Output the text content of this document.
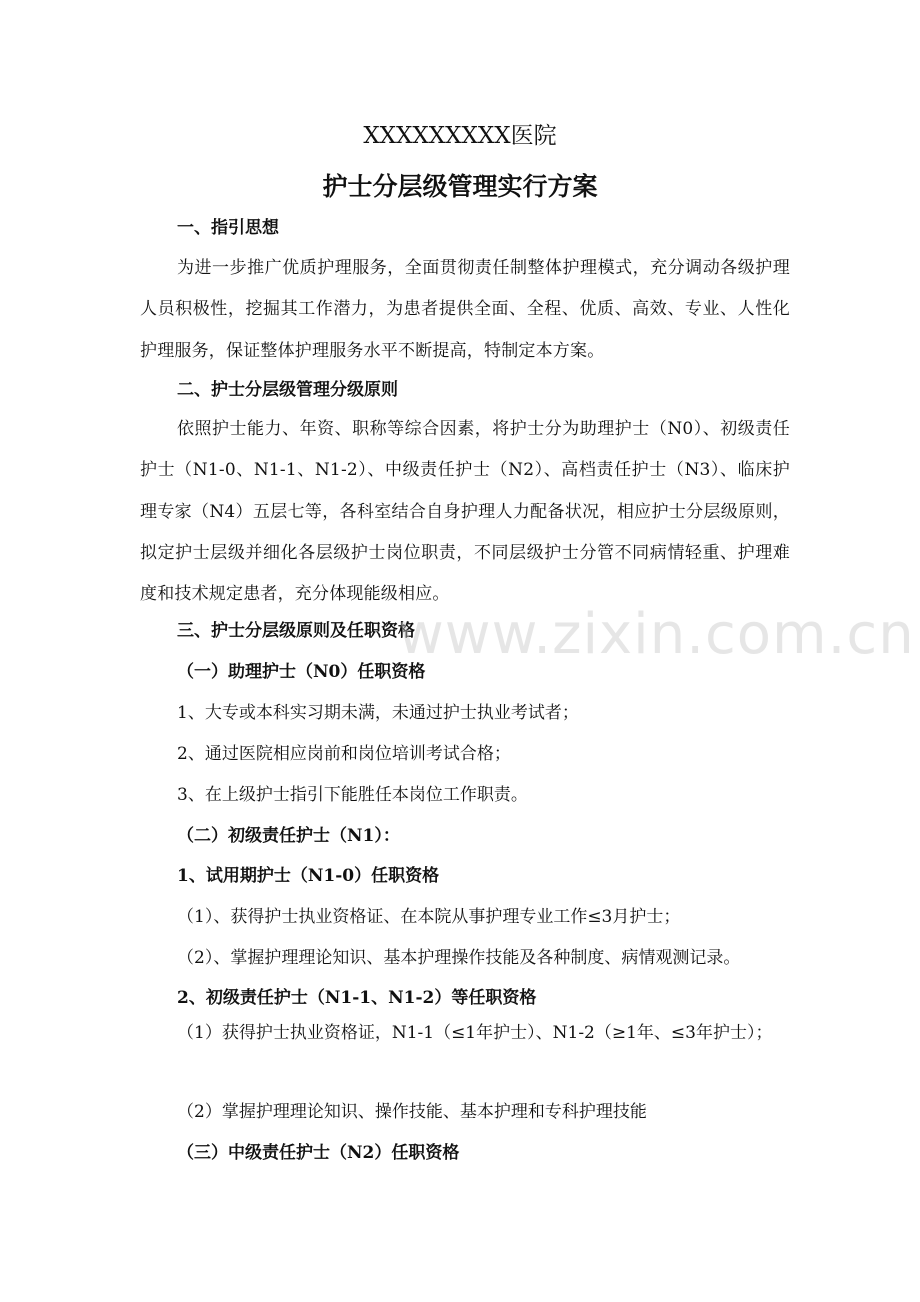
XXXXXXXXX医院
护士分层级管理实行方案
一、指引思想
为进一步推广优质护理服务，全面贯彻责任制整体护理模式，充分调动各级护理人员积极性，挖掘其工作潜力，为患者提供全面、全程、优质、高效、专业、人性化护理服务，保证整体护理服务水平不断提高，特制定本方案。
二、护士分层级管理分级原则
依照护士能力、年资、职称等综合因素，将护士分为助理护士（N0）、初级责任护士（N1-0、N1-1、N1-2）、中级责任护士（N2）、高档责任护士（N3）、临床护理专家（N4）五层七等，各科室结合自身护理人力配备状况，相应护士分层级原则，拟定护士层级并细化各层级护士岗位职责，不同层级护士分管不同病情轻重、护理难度和技术规定患者，充分体现能级相应。
三、护士分层级原则及任职资格
（一）助理护士（N0）任职资格
1、大专或本科实习期未满，未通过护士执业考试者；
2、通过医院相应岗前和岗位培训考试合格；
3、在上级护士指引下能胜任本岗位工作职责。
（二）初级责任护士（N1）：
1、试用期护士（N1-0）任职资格
（1）、获得护士执业资格证、在本院从事护理专业工作≤3月护士；
（2）、掌握护理理论知识、基本护理操作技能及各种制度、病情观测记录。
2、初级责任护士（N1-1、N1-2）等任职资格
（1）获得护士执业资格证，N1-1（≤1年护士）、N1-2（≥1年、≤3年护士）；
（2）掌握护理理论知识、操作技能、基本护理和专科护理技能
（三）中级责任护士（N2）任职资格
www.zixin.com.cn
